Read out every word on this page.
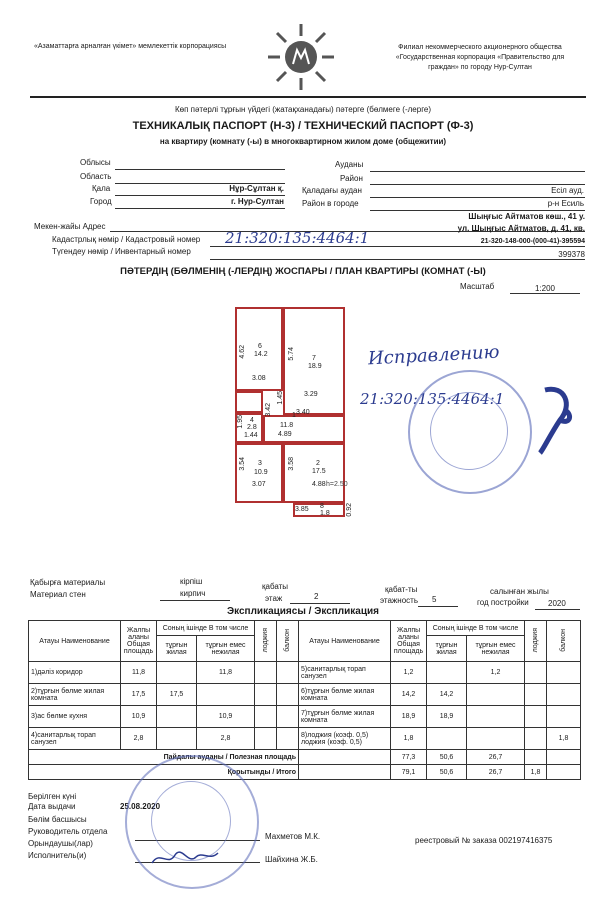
«Азаматтарға арналған үкімет» мемлекеттік корпорациясы	Филиал некоммерческого акционерного общества
«Государственная корпорация «Правительство для
граждан» по городу Нур-Султан
Көп пәтерлі тұрғын үйдегі (жатақханадағы) пәтерге (бөлмеге (-лерге)
ТЕХНИКАЛЫҚ ПАСПОРТ (Н-3) / ТЕХНИЧЕСКИЙ ПАСПОРТ (Ф-3)
на квартиру (комнату (-ы) в многоквартирном жилом доме (общежитии)
Облысы
Область
Қала	Нұр-Сұлтан қ.
Город	г. Нур-Султан
Ауданы
Район
Қаладағы аудан	Есіл ауд.
Район в городе	р-н Есиль
Мекен-жайы Адрес
Шыңғыс Айтматов көш., 41 у.
ул. Шыңғыс Айтматов, д. 41, кв.
Кадастрлық нөмір / Кадастровый номер 21:320:135:4464:1	21-320-148-000-(000-41)-395594
Түгендеу нөмір / Инвентарный номер	399378
ПӘТЕРДІҢ (БӨЛМЕНІҢ (-ЛЕРДІҢ) ЖОСПАРЫ / ПЛАН КВАРТИРЫ (КОМНАТ (-Ы)
Масштаб	1:200
6
14.2
4.62
3.08
7
18.9
5.74
3.29
4
2.8
1.44
1.95	1
11.8
4.89
3.40
3.42
1.45
3
10.9
3.54
3.07
2
17.5
3.58
4.88 h=2.50
3.85 8
1.8 0.92
Исправлению
21:320:135:4464:1
Қабырға материалы
Материал стен
кірпіш
кирпич
қабаты
этаж	2
қабат-ты
этажность 5
салынған жылы
год постройки 2020
Экспликациясы / Экспликация
Атауы Наименование	Жалпы аланы Общая площадь	Соның ішінде В том числе		лоджия	балкон	Атауы Наименование	Жалпы аланы Общая площадь	Соның ішінде В том числе		лоджия	балкон
		тұрғын жилая	тұрғын емес нежилая					тұрғын жилая	тұрғын емес нежилая		
1)дәліз коридор	11,8		11,8			5)санитарлық торап санузел	1,2		1,2		
2)тұрғын бөлме жилая комната	17,5	17,5				6)тұрғын бөлме жилая комната	14,2	14,2			
3)ас бөлме кухня	10,9		10,9			7)тұрғын бөлме жилая комната	18,9	18,9			
4)санитарлық торап санузел	2,8		2,8			8)лоджия (коэф. 0,5) лоджия (коэф. 0,5)	1,8				1,8
Пайдалы ауданы / Полезная площадь							77,3	50,6	26,7		
Қорытынды / Итого							79,1	50,6	26,7	1,8	
Берілген күні
Дата выдачи	25.08.2020
Бөлім басшысы
Руководитель отдела
Орындаушы(лар)
Исполнитель(и)
Махметов М.К.
Шайхина Ж.Б.
реестровый № заказа 002197416375
